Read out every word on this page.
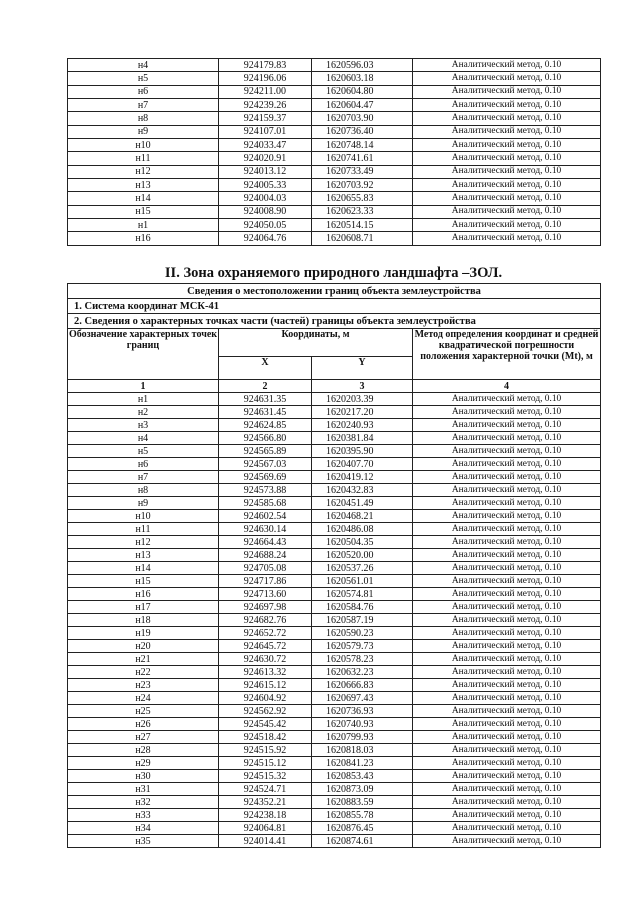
н4	924179.83	1620596.03	Аналитический метод, 0.10
н5	924196.06	1620603.18	Аналитический метод, 0.10
н6	924211.00	1620604.80	Аналитический метод, 0.10
н7	924239.26	1620604.47	Аналитический метод, 0.10
н8	924159.37	1620703.90	Аналитический метод, 0.10
н9	924107.01	1620736.40	Аналитический метод, 0.10
н10	924033.47	1620748.14	Аналитический метод, 0.10
н11	924020.91	1620741.61	Аналитический метод, 0.10
н12	924013.12	1620733.49	Аналитический метод, 0.10
н13	924005.33	1620703.92	Аналитический метод, 0.10
н14	924004.03	1620655.83	Аналитический метод, 0.10
н15	924008.90	1620623.33	Аналитический метод, 0.10
н1	924050.05	1620514.15	Аналитический метод, 0.10
н16	924064.76	1620608.71	Аналитический метод, 0.10
II. Зона охраняемого природного ландшафта –ЗОЛ.
Сведения о местоположении границ объекта землеустройства			
1. Система координат МСК-41			
2. Сведения о характерных точках части (частей) границы объекта землеустройства			
Обозначение характерных точек границ	Координаты, м		Метод определения координат и средней квадратической погрешности положения характерной точки (Mt), м
	X	Y	
1	2	3	4
н1	924631.35	1620203.39	Аналитический метод, 0.10
н2	924631.45	1620217.20	Аналитический метод, 0.10
н3	924624.85	1620240.93	Аналитический метод, 0.10
н4	924566.80	1620381.84	Аналитический метод, 0.10
н5	924565.89	1620395.90	Аналитический метод, 0.10
н6	924567.03	1620407.70	Аналитический метод, 0.10
н7	924569.69	1620419.12	Аналитический метод, 0.10
н8	924573.88	1620432.83	Аналитический метод, 0.10
н9	924585.68	1620451.49	Аналитический метод, 0.10
н10	924602.54	1620468.21	Аналитический метод, 0.10
н11	924630.14	1620486.08	Аналитический метод, 0.10
н12	924664.43	1620504.35	Аналитический метод, 0.10
н13	924688.24	1620520.00	Аналитический метод, 0.10
н14	924705.08	1620537.26	Аналитический метод, 0.10
н15	924717.86	1620561.01	Аналитический метод, 0.10
н16	924713.60	1620574.81	Аналитический метод, 0.10
н17	924697.98	1620584.76	Аналитический метод, 0.10
н18	924682.76	1620587.19	Аналитический метод, 0.10
н19	924652.72	1620590.23	Аналитический метод, 0.10
н20	924645.72	1620579.73	Аналитический метод, 0.10
н21	924630.72	1620578.23	Аналитический метод, 0.10
н22	924613.32	1620632.23	Аналитический метод, 0.10
н23	924615.12	1620666.83	Аналитический метод, 0.10
н24	924604.92	1620697.43	Аналитический метод, 0.10
н25	924562.92	1620736.93	Аналитический метод, 0.10
н26	924545.42	1620740.93	Аналитический метод, 0.10
н27	924518.42	1620799.93	Аналитический метод, 0.10
н28	924515.92	1620818.03	Аналитический метод, 0.10
н29	924515.12	1620841.23	Аналитический метод, 0.10
н30	924515.32	1620853.43	Аналитический метод, 0.10
н31	924524.71	1620873.09	Аналитический метод, 0.10
н32	924352.21	1620883.59	Аналитический метод, 0.10
н33	924238.18	1620855.78	Аналитический метод, 0.10
н34	924064.81	1620876.45	Аналитический метод, 0.10
н35	924014.41	1620874.61	Аналитический метод, 0.10
